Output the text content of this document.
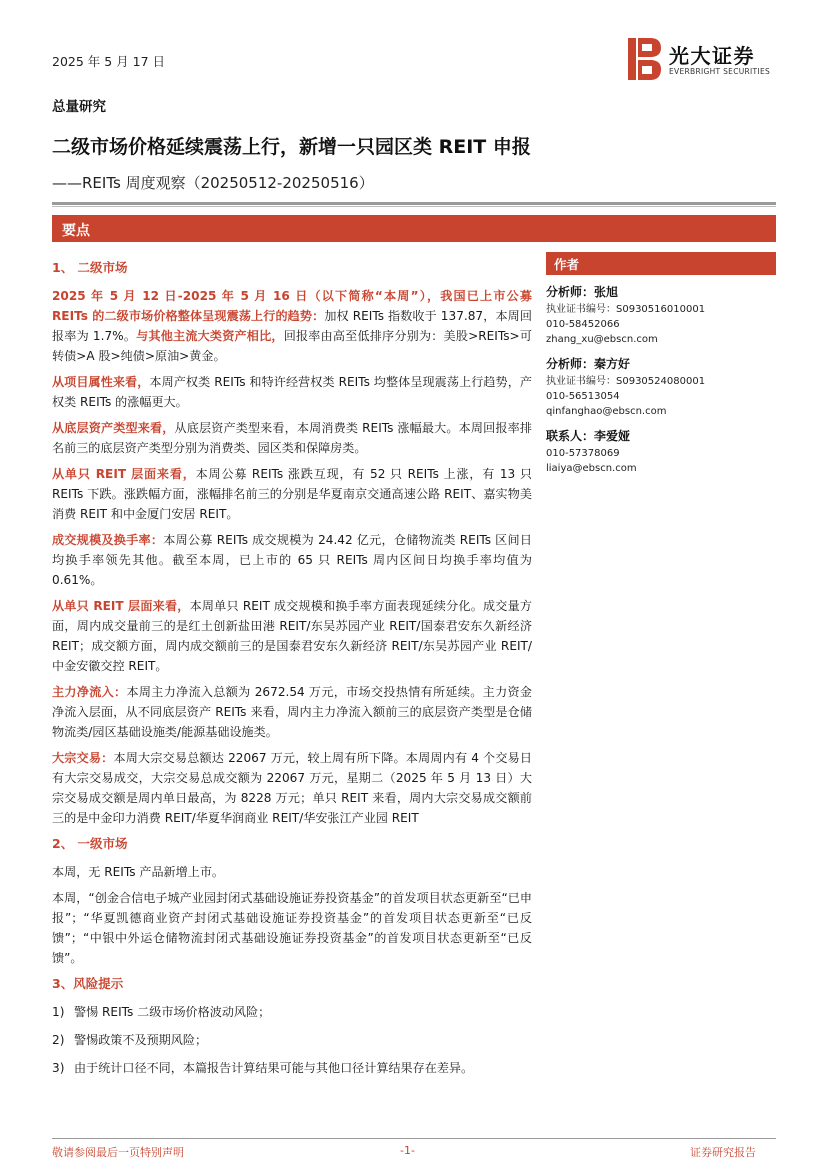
2025 年 5 月 17 日	光大证券
EVERBRIGHT SECURITIES
总量研究
二级市场价格延续震荡上行，新增一只园区类 REIT 申报
——REITs 周度观察（20250512-20250516）
要点
1、 二级市场

2025 年 5 月 12 日-2025 年 5 月 16 日（以下简称“本周”），我国已上市公募 REITs 的二级市场价格整体呈现震荡上行的趋势：加权 REITs 指数收于 137.87，本周回报率为 1.7%。与其他主流大类资产相比，回报率由高至低排序分别为：美股>REITs>可转债>A 股>纯债>原油>黄金。

从项目属性来看，本周产权类 REITs 和特许经营权类 REITs 均整体呈现震荡上行趋势，产权类 REITs 的涨幅更大。

从底层资产类型来看，从底层资产类型来看，本周消费类 REITs 涨幅最大。本周回报率排名前三的底层资产类型分别为消费类、园区类和保障房类。

从单只 REIT 层面来看，本周公募 REITs 涨跌互现，有 52 只 REITs 上涨，有 13 只 REITs 下跌。涨跌幅方面，涨幅排名前三的分别是华夏南京交通高速公路 REIT、嘉实物美消费 REIT 和中金厦门安居 REIT。

成交规模及换手率：本周公募 REITs 成交规模为 24.42 亿元，仓储物流类 REITs 区间日均换手率领先其他。截至本周，已上市的 65 只 REITs 周内区间日均换手率均值为 0.61%。

从单只 REIT 层面来看，本周单只 REIT 成交规模和换手率方面表现延续分化。成交量方面，周内成交量前三的是红土创新盐田港 REIT/东吴苏园产业 REIT/国泰君安东久新经济 REIT；成交额方面，周内成交额前三的是国泰君安东久新经济 REIT/东吴苏园产业 REIT/中金安徽交控 REIT。

主力净流入：本周主力净流入总额为 2672.54 万元，市场交投热情有所延续。主力资金净流入层面，从不同底层资产 REITs 来看，周内主力净流入额前三的底层资产类型是仓储物流类/园区基础设施类/能源基础设施类。

大宗交易：本周大宗交易总额达 22067 万元，较上周有所下降。本周周内有 4 个交易日有大宗交易成交，大宗交易总成交额为 22067 万元，星期二（2025 年 5 月 13 日）大宗交易成交额是周内单日最高，为 8228 万元；单只 REIT 来看，周内大宗交易成交额前三的是中金印力消费 REIT/华夏华润商业 REIT/华安张江产业园 REIT

2、 一级市场

本周，无 REITs 产品新增上市。

本周，“创金合信电子城产业园封闭式基础设施证券投资基金”的首发项目状态更新至“已申报”；“华夏凯德商业资产封闭式基础设施证券投资基金”的首发项目状态更新至“已反馈”；“中银中外运仓储物流封闭式基础设施证券投资基金”的首发项目状态更新至“已反馈”。

3、风险提示
1) 警惕 REITs 二级市场价格波动风险；
2) 警惕政策不及预期风险；
3) 由于统计口径不同，本篇报告计算结果可能与其他口径计算结果存在差异。
作者
分析师：张旭
执业证书编号：S0930516010001
010-58452066
zhang_xu@ebscn.com
分析师：秦方好
执业证书编号：S0930524080001
010-56513054
qinfanghao@ebscn.com
联系人：李爱娅
010-57378069
liaiya@ebscn.com
敬请参阅最后一页特别声明	-1-	证券研究报告
